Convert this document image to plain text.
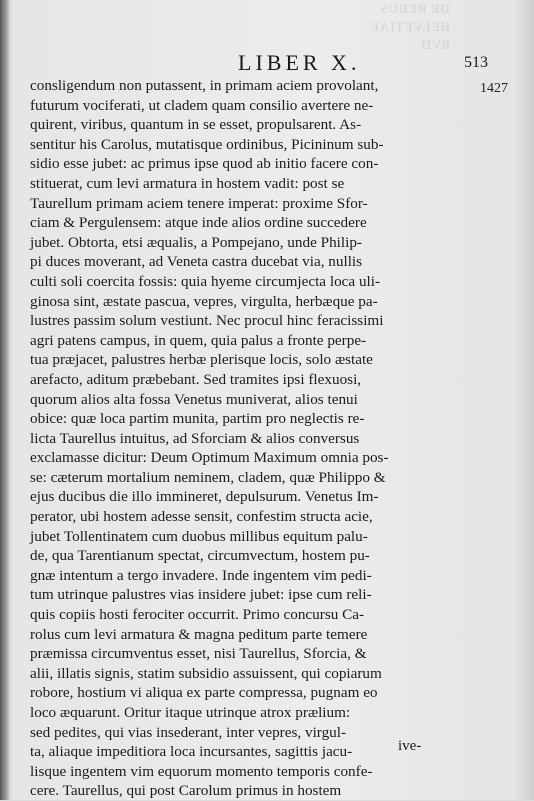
DE REBUS
HELVETIAE
RVD
LIBER X.	513
1427
consligendum non putassent, in primam aciem provolant,
futurum vociferati, ut cladem quam consilio avertere ne-
quirent, viribus, quantum in se esset, propulsarent. As-
sentitur his Carolus, mutatisque ordinibus, Picininum sub-
sidio esse jubet: ac primus ipse quod ab initio facere con-
stituerat, cum levi armatura in hostem vadit: post se
Taurellum primam aciem tenere imperat: proxime Sfor-
ciam & Pergulensem: atque inde alios ordine succedere
jubet. Obtorta, etsi æqualis, a Pompejano, unde Philip-
pi duces moverant, ad Veneta castra ducebat via, nullis
culti soli coercita fossis: quia hyeme circumjecta loca uli-
ginosa sint, æstate pascua, vepres, virgulta, herbæque pa-
lustres passim solum vestiunt. Nec procul hinc feracissimi
agri patens campus, in quem, quia palus a fronte perpe-
tua præjacet, palustres herbæ plerisque locis, solo æstate
arefacto, aditum præbebant. Sed tramites ipsi flexuosi,
quorum alios alta fossa Venetus muniverat, alios tenui
obice: quæ loca partim munita, partim pro neglectis re-
licta Taurellus intuitus, ad Sforciam & alios conversus
exclamasse dicitur: Deum Optimum Maximum omnia pos-
se: cæterum mortalium neminem, cladem, quæ Philippo &
ejus ducibus die illo immineret, depulsurum. Venetus Im-
perator, ubi hostem adesse sensit, confestim structa acie,
jubet Tollentinatem cum duobus millibus equitum palu-
de, qua Tarentianum spectat, circumvectum, hostem pu-
gnæ intentum a tergo invadere. Inde ingentem vim pedi-
tum utrinque palustres vias insidere jubet: ipse cum reli-
quis copiis hosti ferociter occurrit. Primo concursu Ca-
rolus cum levi armatura & magna peditum parte temere
præmissa circumventus esset, nisi Taurellus, Sforcia, &
alii, illatis signis, statim subsidio assuissent, qui copiarum
robore, hostium vi aliqua ex parte compressa, pugnam eo
loco æquarunt. Oritur itaque utrinque atrox prælium:
sed pedites, qui vias insederant, inter vepres, virgul-
ta, aliaque impeditiora loca incursantes, sagittis jacu-
lisque ingentem vim equorum momento temporis confe-
cere. Taurellus, qui post Carolum primus in hostem
ive-
